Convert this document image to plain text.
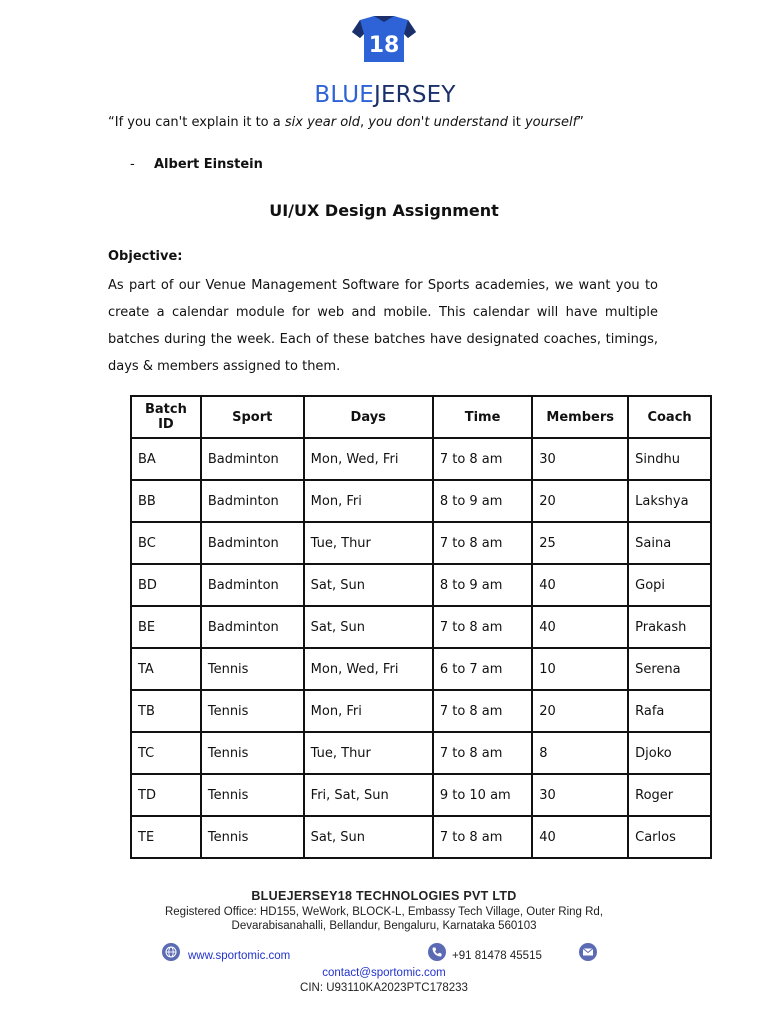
18
BLUEJERSEY
“If you can't explain it to a six year old, you don't understand it yourself”
- Albert Einstein
UI/UX Design Assignment
Objective:
As part of our Venue Management Software for Sports academies, we want you to create a calendar module for web and mobile. This calendar will have multiple batches during the week. Each of these batches have designated coaches, timings, days & members assigned to them.
Batch ID	Sport	Days	Time	Members	Coach
BA	Badminton	Mon, Wed, Fri	7 to 8 am	30	Sindhu
BB	Badminton	Mon, Fri	8 to 9 am	20	Lakshya
BC	Badminton	Tue, Thur	7 to 8 am	25	Saina
BD	Badminton	Sat, Sun	8 to 9 am	40	Gopi
BE	Badminton	Sat, Sun	7 to 8 am	40	Prakash
TA	Tennis	Mon, Wed, Fri	6 to 7 am	10	Serena
TB	Tennis	Mon, Fri	7 to 8 am	20	Rafa
TC	Tennis	Tue, Thur	7 to 8 am	8	Djoko
TD	Tennis	Fri, Sat, Sun	9 to 10 am	30	Roger
TE	Tennis	Sat, Sun	7 to 8 am	40	Carlos
BLUEJERSEY18 TECHNOLOGIES PVT LTD
Registered Office: HD155, WeWork, BLOCK-L, Embassy Tech Village, Outer Ring Rd,
Devarabisanahalli, Bellandur, Bengaluru, Karnataka 560103
www.sportomic.com	+91 81478 45515
contact@sportomic.com
CIN: U93110KA2023PTC178233
